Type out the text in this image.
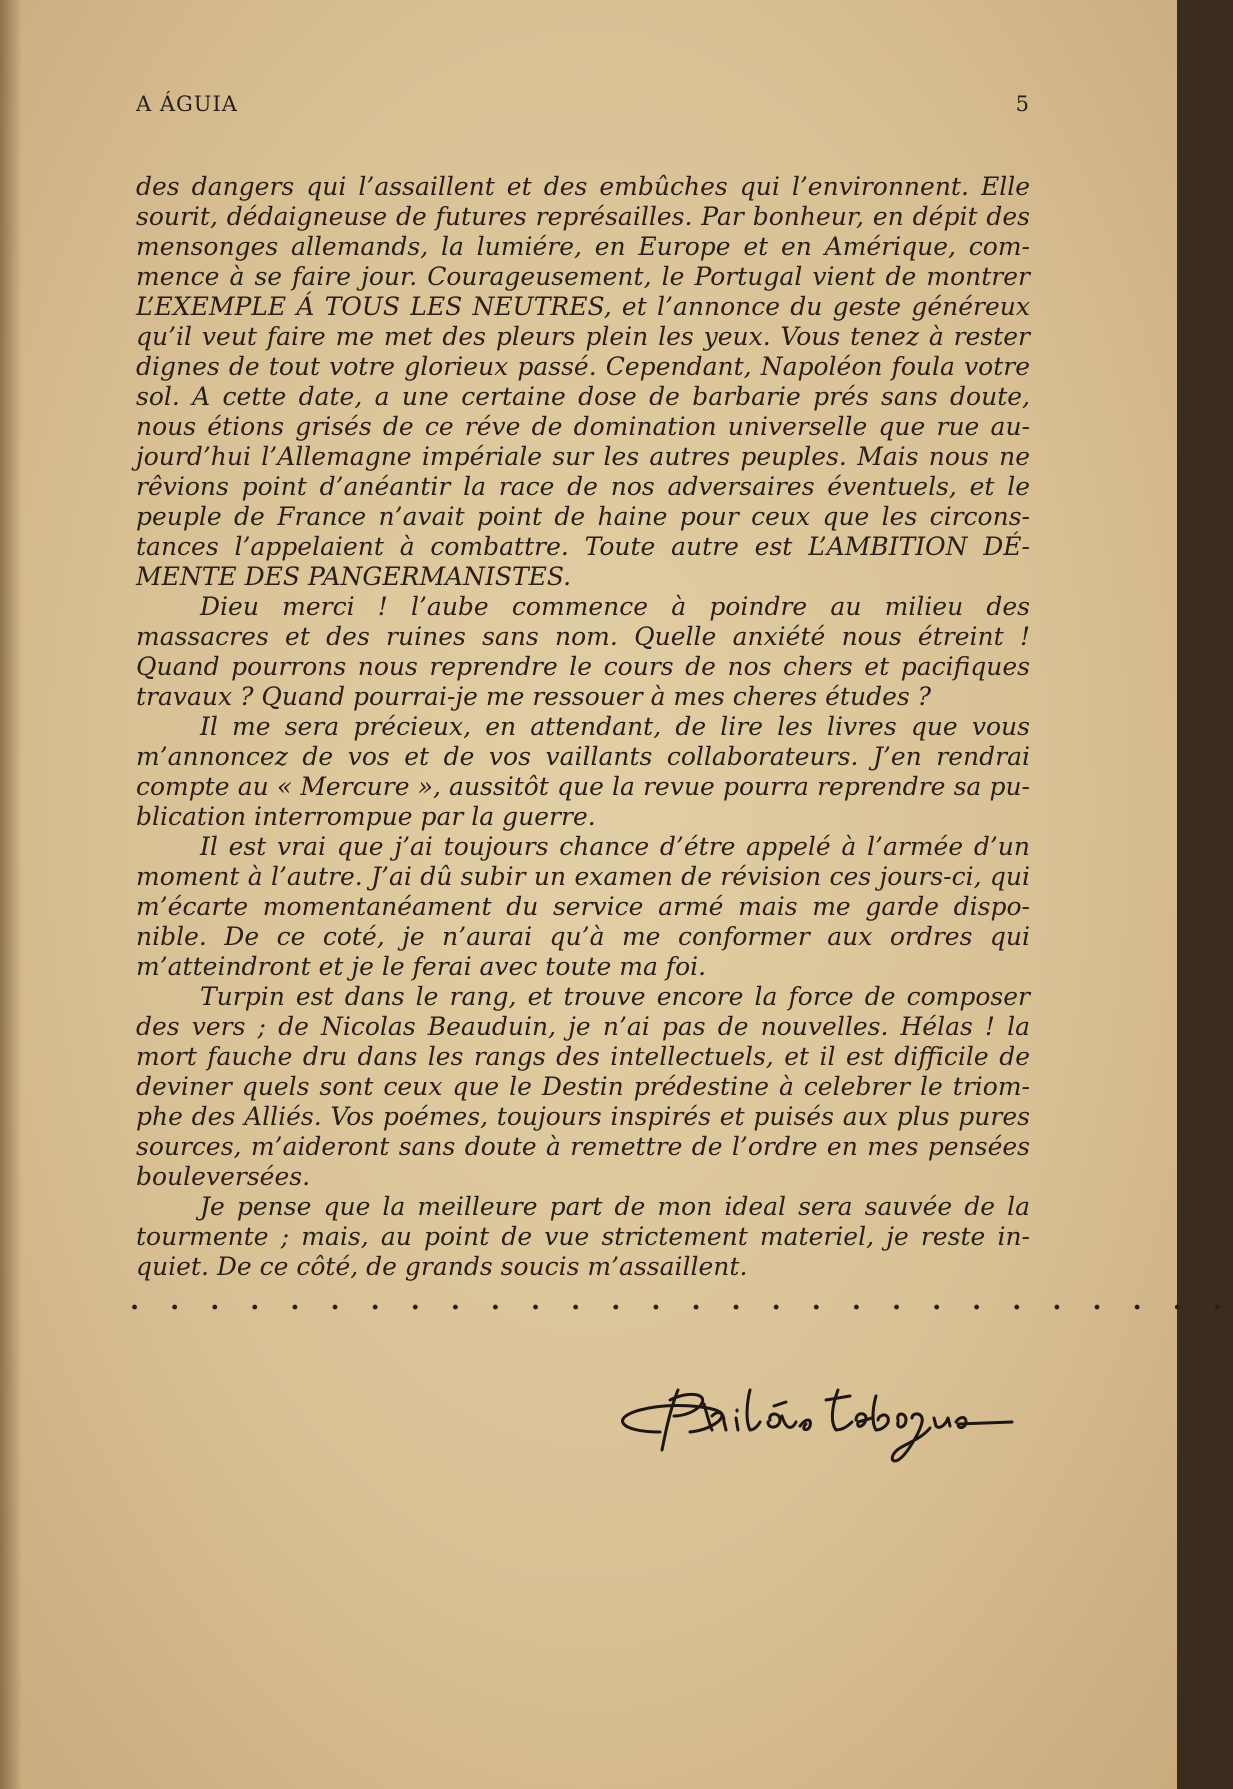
A ÁGUIA	5

des dangers qui l’assaillent et des embûches qui l’environnent. Elle sourit, dédaigneuse de futures représailles. Par bonheur, en dépit des mensonges allemands, la lumiére, en Europe et en Amérique, commence à se faire jour. Courageusement, le Portugal vient de montrer L’EXEMPLE Á TOUS LES NEUTRES, et l’annonce du geste généreux qu’il veut faire me met des pleurs plein les yeux. Vous tenez à rester dignes de tout votre glorieux passé. Cependant, Napoléon foula votre sol. A cette date, a une certaine dose de barbarie prés sans doute, nous étions grisés de ce réve de domination universelle que rue aujourd’hui l’Allemagne impériale sur les autres peuples. Mais nous ne rêvions point d’anéantir la race de nos adversaires éventuels, et le peuple de France n’avait point de haine pour ceux que les circonstances l’appelaient à combattre. Toute autre est L’AMBITION DÉMENTE DES PANGERMANISTES.

Dieu merci ! l’aube commence à poindre au milieu des massacres et des ruines sans nom. Quelle anxiété nous étreint ! Quand pourrons nous reprendre le cours de nos chers et pacifiques travaux ? Quand pourrai-je me ressouer à mes cheres études ?

Il me sera précieux, en attendant, de lire les livres que vous m’annoncez de vos et de vos vaillants collaborateurs. J’en rendrai compte au « Mercure », aussitôt que la revue pourra reprendre sa publication interrompue par la guerre.

Il est vrai que j’ai toujours chance d’étre appelé à l’armée d’un moment à l’autre. J’ai dû subir un examen de révision ces jours-ci, qui m’écarte momentanéament du service armé mais me garde disponible. De ce coté, je n’aurai qu’à me conformer aux ordres qui m’atteindront et je le ferai avec toute ma foi.

Turpin est dans le rang, et trouve encore la force de composer des vers ; de Nicolas Beauduin, je n’ai pas de nouvelles. Hélas ! la mort fauche dru dans les rangs des intellectuels, et il est difficile de deviner quels sont ceux que le Destin prédestine à celebrer le triomphe des Alliés. Vos poémes, toujours inspirés et puisés aux plus pures sources, m’aideront sans doute à remettre de l’ordre en mes pensées bouleversées.

Je pense que la meilleure part de mon ideal sera sauvée de la tourmente ; mais, au point de vue strictement materiel, je reste inquiet. De ce côté, de grands soucis m’assaillent.

. . . . . . . . . . . . . . . . . . . . . . . . . . . .
